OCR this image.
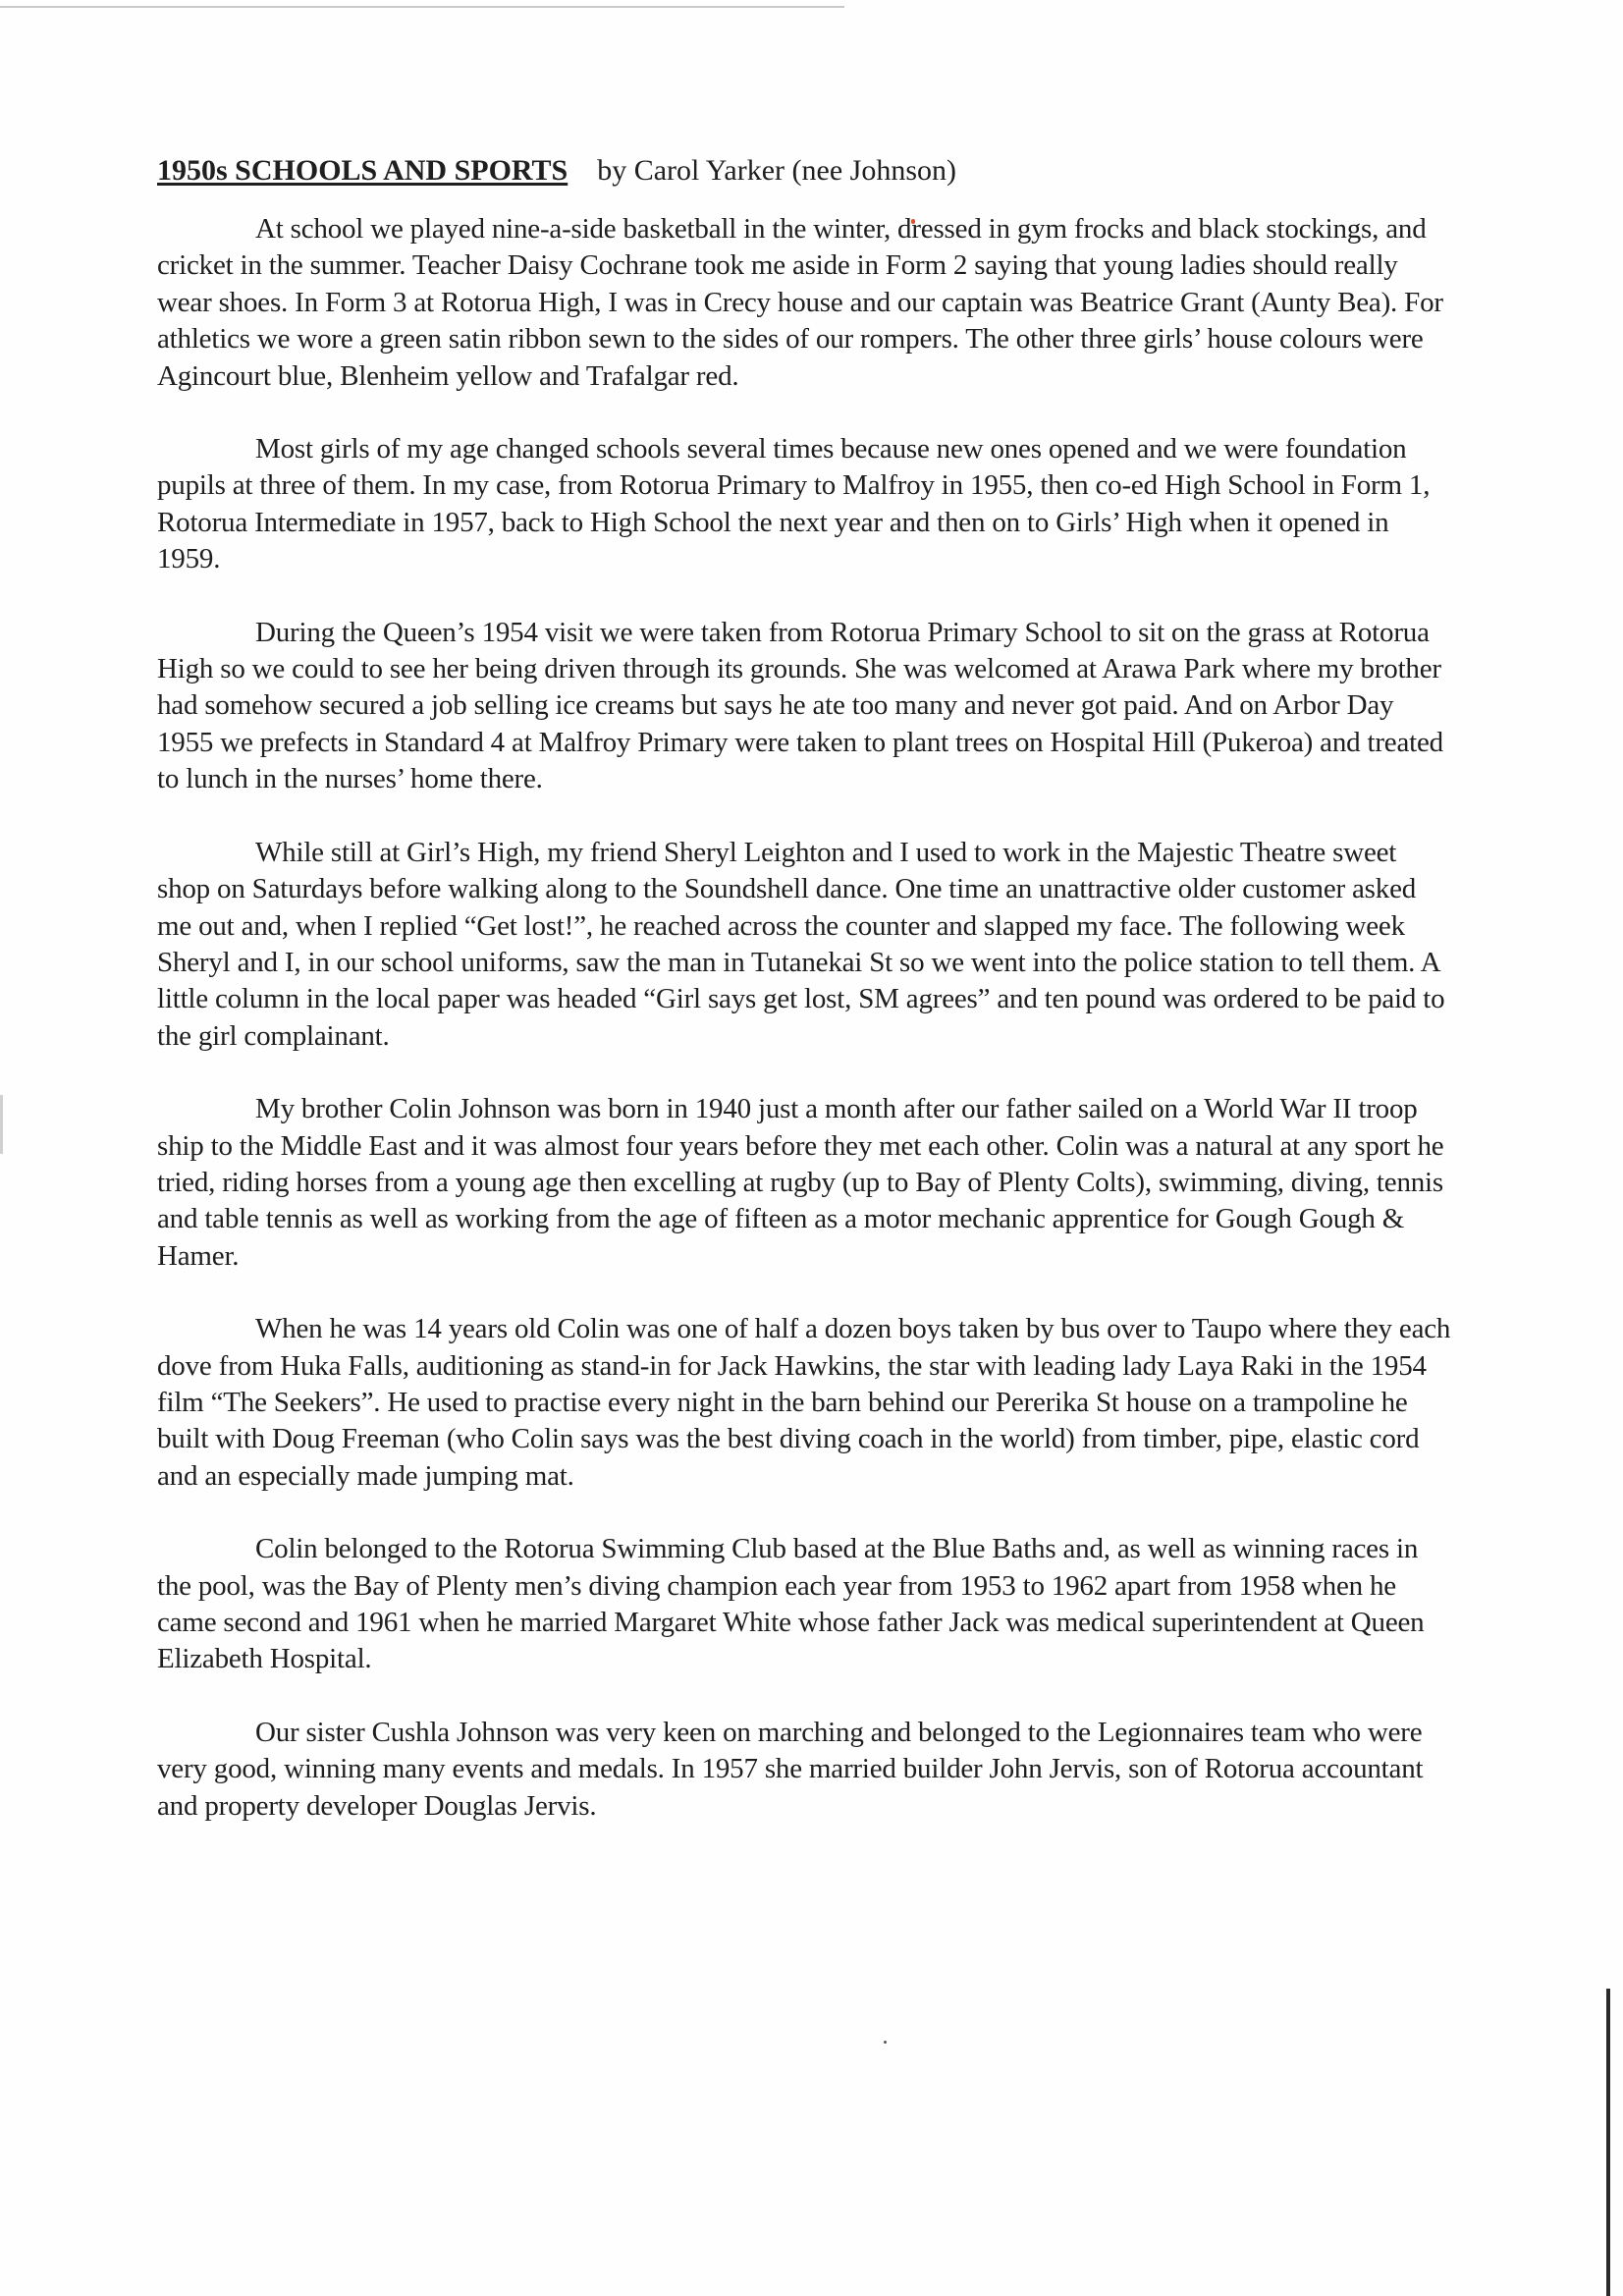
1950s SCHOOLS AND SPORTS by Carol Yarker (nee Johnson)

At school we played nine-a-side basketball in the winter, dressed in gym frocks and black stockings, and cricket in the summer. Teacher Daisy Cochrane took me aside in Form 2 saying that young ladies should really wear shoes. In Form 3 at Rotorua High, I was in Crecy house and our captain was Beatrice Grant (Aunty Bea). For athletics we wore a green satin ribbon sewn to the sides of our rompers. The other three girls’ house colours were Agincourt blue, Blenheim yellow and Trafalgar red.

Most girls of my age changed schools several times because new ones opened and we were foundation pupils at three of them. In my case, from Rotorua Primary to Malfroy in 1955, then co-ed High School in Form 1, Rotorua Intermediate in 1957, back to High School the next year and then on to Girls’ High when it opened in 1959.

During the Queen’s 1954 visit we were taken from Rotorua Primary School to sit on the grass at Rotorua High so we could to see her being driven through its grounds. She was welcomed at Arawa Park where my brother had somehow secured a job selling ice creams but says he ate too many and never got paid. And on Arbor Day 1955 we prefects in Standard 4 at Malfroy Primary were taken to plant trees on Hospital Hill (Pukeroa) and treated to lunch in the nurses’ home there.

While still at Girl’s High, my friend Sheryl Leighton and I used to work in the Majestic Theatre sweet shop on Saturdays before walking along to the Soundshell dance. One time an unattractive older customer asked me out and, when I replied “Get lost!”, he reached across the counter and slapped my face. The following week Sheryl and I, in our school uniforms, saw the man in Tutanekai St so we went into the police station to tell them. A little column in the local paper was headed “Girl says get lost, SM agrees” and ten pound was ordered to be paid to the girl complainant.

My brother Colin Johnson was born in 1940 just a month after our father sailed on a World War II troop ship to the Middle East and it was almost four years before they met each other. Colin was a natural at any sport he tried, riding horses from a young age then excelling at rugby (up to Bay of Plenty Colts), swimming, diving, tennis and table tennis as well as working from the age of fifteen as a motor mechanic apprentice for Gough Gough & Hamer.

When he was 14 years old Colin was one of half a dozen boys taken by bus over to Taupo where they each dove from Huka Falls, auditioning as stand-in for Jack Hawkins, the star with leading lady Laya Raki in the 1954 film “The Seekers”. He used to practise every night in the barn behind our Pererika St house on a trampoline he built with Doug Freeman (who Colin says was the best diving coach in the world) from timber, pipe, elastic cord and an especially made jumping mat.

Colin belonged to the Rotorua Swimming Club based at the Blue Baths and, as well as winning races in the pool, was the Bay of Plenty men’s diving champion each year from 1953 to 1962 apart from 1958 when he came second and 1961 when he married Margaret White whose father Jack was medical superintendent at Queen Elizabeth Hospital.

Our sister Cushla Johnson was very keen on marching and belonged to the Legionnaires team who were very good, winning many events and medals. In 1957 she married builder John Jervis, son of Rotorua accountant and property developer Douglas Jervis.
